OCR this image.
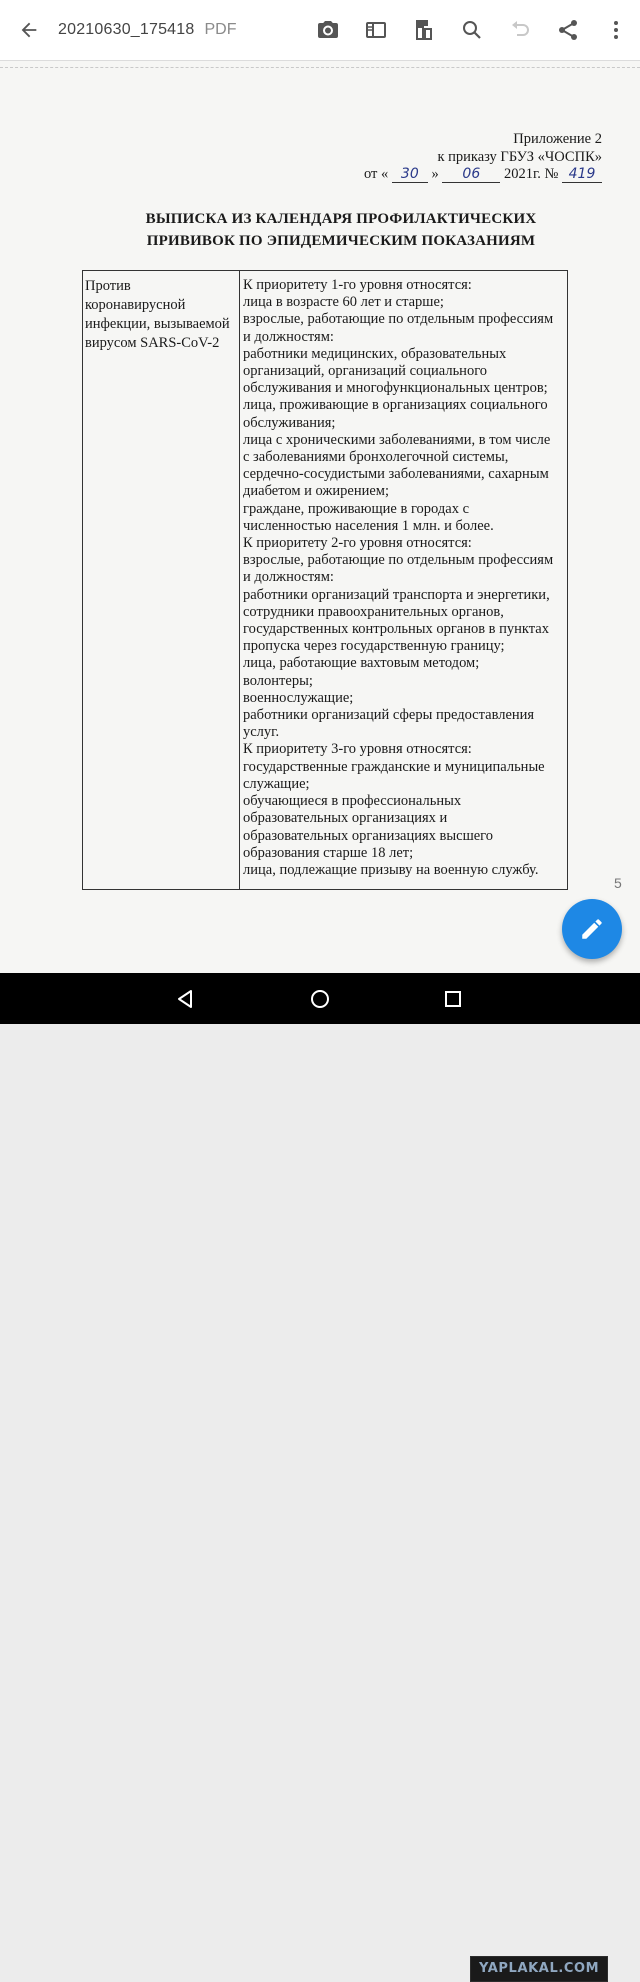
20210630_175418 PDF
Приложение 2
к приказу ГБУЗ «ЧОСПК»
от « 30 » 06 2021г. № 419
ВЫПИСКА ИЗ КАЛЕНДАРЯ ПРОФИЛАКТИЧЕСКИХ
ПРИВИВОК ПО ЭПИДЕМИЧЕСКИМ ПОКАЗАНИЯМ
Против
коронавирусной
инфекции, вызываемой
вирусом SARS-CoV-2
К приоритету 1-го уровня относятся:
лица в возрасте 60 лет и старше;
взрослые, работающие по отдельным профессиям
и должностям:
работники медицинских, образовательных
организаций, организаций социального
обслуживания и многофункциональных центров;
лица, проживающие в организациях социального
обслуживания;
лица с хроническими заболеваниями, в том числе
с заболеваниями бронхолегочной системы,
сердечно-сосудистыми заболеваниями, сахарным
диабетом и ожирением;
граждане, проживающие в городах с
численностью населения 1 млн. и более.
К приоритету 2-го уровня относятся:
взрослые, работающие по отдельным профессиям
и должностям:
работники организаций транспорта и энергетики,
сотрудники правоохранительных органов,
государственных контрольных органов в пунктах
пропуска через государственную границу;
лица, работающие вахтовым методом;
волонтеры;
военнослужащие;
работники организаций сферы предоставления
услуг.
К приоритету 3-го уровня относятся:
государственные гражданские и муниципальные
служащие;
обучающиеся в профессиональных
образовательных организациях и
образовательных организациях высшего
образования старше 18 лет;
лица, подлежащие призыву на военную службу.
5
YAPLAKAL.COM
